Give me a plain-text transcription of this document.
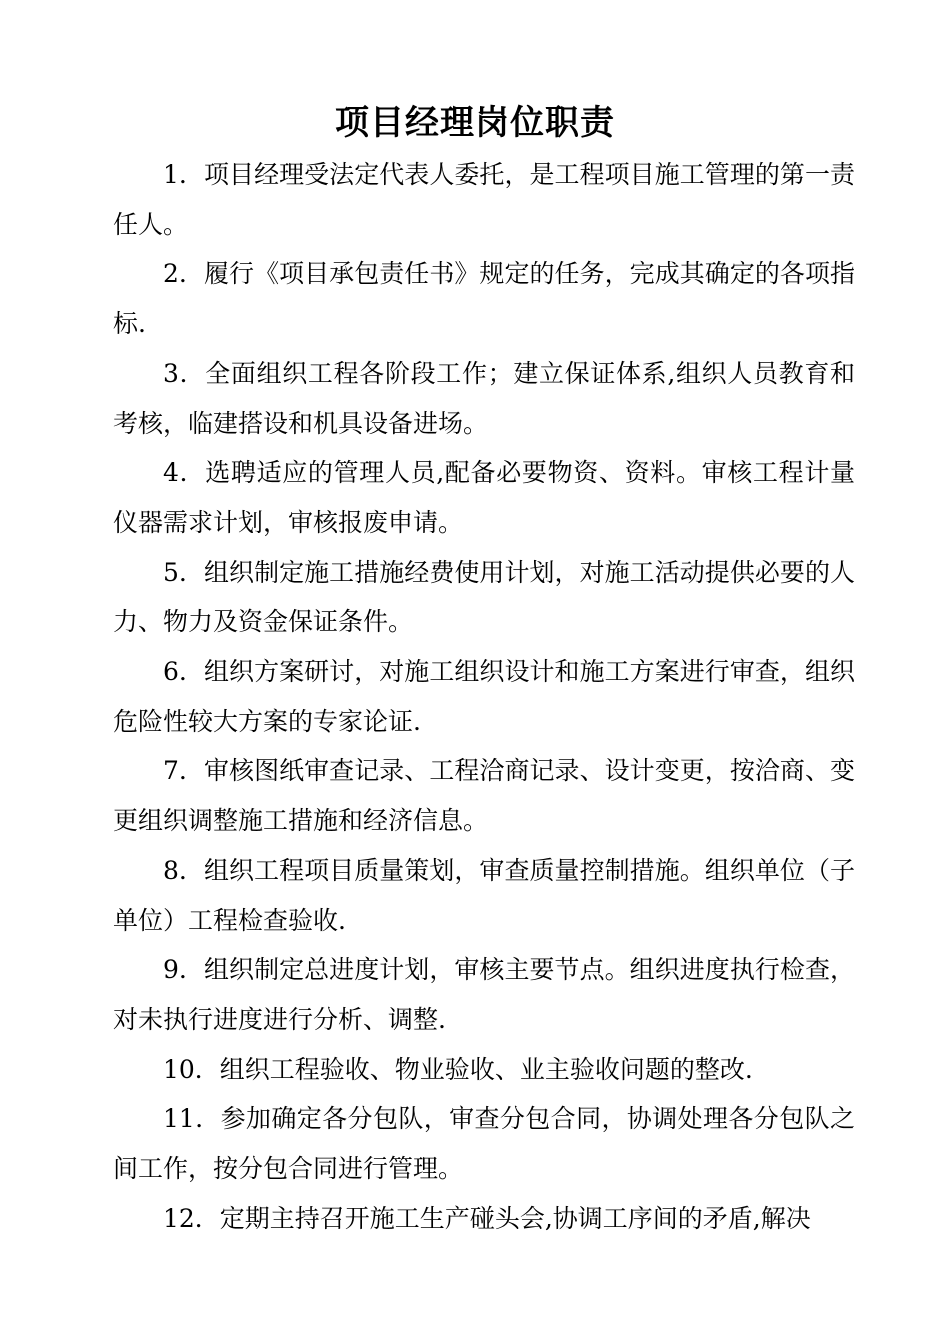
项目经理岗位职责

1．项目经理受法定代表人委托，是工程项目施工管理的第一责任人。

2．履行《项目承包责任书》规定的任务，完成其确定的各项指标.

3．全面组织工程各阶段工作；建立保证体系,组织人员教育和考核，临建搭设和机具设备进场。

4．选聘适应的管理人员,配备必要物资、资料。审核工程计量仪器需求计划，审核报废申请。

5．组织制定施工措施经费使用计划，对施工活动提供必要的人力、物力及资金保证条件。

6．组织方案研讨，对施工组织设计和施工方案进行审查，组织危险性较大方案的专家论证.

7．审核图纸审查记录、工程洽商记录、设计变更，按洽商、变更组织调整施工措施和经济信息。

8．组织工程项目质量策划，审查质量控制措施。组织单位（子单位）工程检查验收.

9．组织制定总进度计划，审核主要节点。组织进度执行检查，对未执行进度进行分析、调整.

10．组织工程验收、物业验收、业主验收问题的整改.

11．参加确定各分包队，审查分包合同，协调处理各分包队之间工作，按分包合同进行管理。

12．定期主持召开施工生产碰头会,协调工序间的矛盾,解决
